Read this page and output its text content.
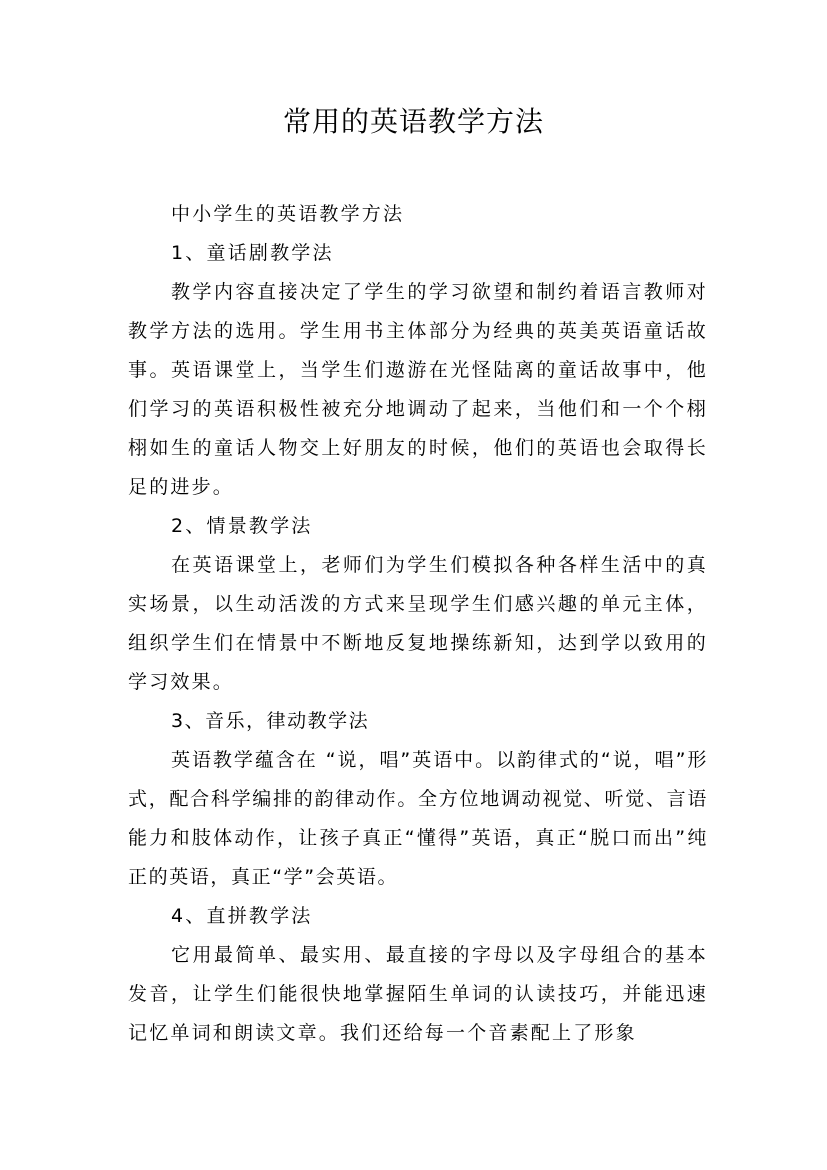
常用的英语教学方法

中小学生的英语教学方法

1、童话剧教学法

教学内容直接决定了学生的学习欲望和制约着语言教师对教学方法的选用。学生用书主体部分为经典的英美英语童话故事。英语课堂上，当学生们遨游在光怪陆离的童话故事中，他们学习的英语积极性被充分地调动了起来，当他们和一个个栩栩如生的童话人物交上好朋友的时候，他们的英语也会取得长足的进步。

2、情景教学法

在英语课堂上，老师们为学生们模拟各种各样生活中的真实场景，以生动活泼的方式来呈现学生们感兴趣的单元主体，组织学生们在情景中不断地反复地操练新知，达到学以致用的学习效果。

3、音乐，律动教学法

英语教学蕴含在 “说，唱”英语中。以韵律式的“说，唱”形式，配合科学编排的韵律动作。全方位地调动视觉、听觉、言语能力和肢体动作，让孩子真正“懂得”英语，真正“脱口而出”纯正的英语，真正“学”会英语。

4、直拼教学法

它用最简单、最实用、最直接的字母以及字母组合的基本发音，让学生们能很快地掌握陌生单词的认读技巧，并能迅速记忆单词和朗读文章。我们还给每一个音素配上了形象
